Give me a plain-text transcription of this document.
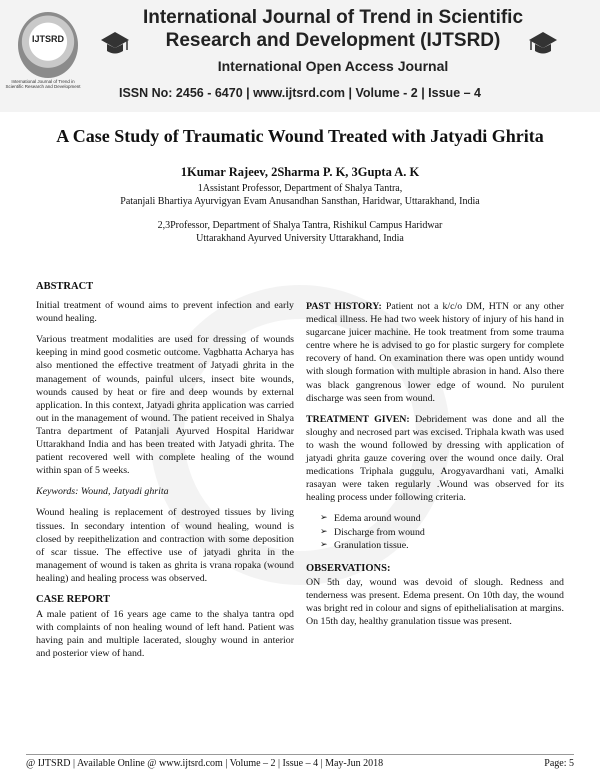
IJTSRD
International Journal of Trend in Scientific Research and Development
International Journal of Trend in Scientific
Research and Development (IJTSRD)
International Open Access Journal
ISSN No: 2456 - 6470 | www.ijtsrd.com | Volume - 2 | Issue – 4
A Case Study of Traumatic Wound Treated with Jatyadi Ghrita
1Kumar Rajeev, 2Sharma P. K, 3Gupta A. K
1Assistant Professor, Department of Shalya Tantra,
Patanjali Bhartiya Ayurvigyan Evam Anusandhan Sansthan, Haridwar, Uttarakhand, India
2,3Professor, Department of Shalya Tantra, Rishikul Campus Haridwar
Uttarakhand Ayurved University Uttarakhand, India
ABSTRACT

Initial treatment of wound aims to prevent infection and early wound healing.

Various treatment modalities are used for dressing of wounds keeping in mind good cosmetic outcome. Vagbhatta Acharya has also mentioned the effective treatment of Jatyadi ghrita in the management of wounds, painful ulcers, insect bite wounds, wounds caused by heat or fire and deep wounds by external application. In this context, Jatyadi ghrita application was carried out in the management of wound. The patient received in Shalya Tantra department of Patanjali Ayurved Hospital Haridwar Uttarakhand India and has been treated with Jatyadi ghrita. The patient recovered well with complete healing of the wound within span of 5 weeks.

Keywords: Wound, Jatyadi ghrita

Wound healing is replacement of destroyed tissues by living tissues. In secondary intention of wound healing, wound is closed by reepithelization and contraction with some deposition of scar tissue. The effective use of jatyadi ghrita in the management of wound is taken as ghrita is vrana ropaka (wound healing) and healing process was observed.

CASE REPORT

A male patient of 16 years age came to the shalya tantra opd with complaints of non healing wound of left hand. Patient was having pain and multiple lacerated, sloughy wound in anterior and posterior view of hand.

PAST HISTORY: Patient not a k/c/o DM, HTN or any other medical illness. He had two week history of injury of his hand in sugarcane juicer machine. He took treatment from some trauma centre where he is advised to go for plastic surgery for complete recovery of hand. On examination there was open untidy wound with slough formation with multiple abrasion in hand. Also there was black gangrenous lower edge of wound. No purulent discharge was seen from wound.

TREATMENT GIVEN: Debridement was done and all the sloughy and necrosed part was excised. Triphala kwath was used to wash the wound followed by dressing with application of jatyadi ghrita gauze covering over the wound once daily. Oral medications Triphala guggulu, Arogyavardhani vati, Amalki rasayan were taken regularly .Wound was observed for its healing process under following criteria.

➢ Edema around wound
➢ Discharge from wound
➢ Granulation tissue.
OBSERVATIONS:

ON 5th day, wound was devoid of slough. Redness and tenderness was present. Edema present. On 10th day, the wound was bright red in colour and signs of epithelialisation at margins. On 15th day, healthy granulation tissue was present.

@ IJTSRD | Available Online @ www.ijtsrd.com | Volume – 2 | Issue – 4 | May-Jun 2018	Page: 5
